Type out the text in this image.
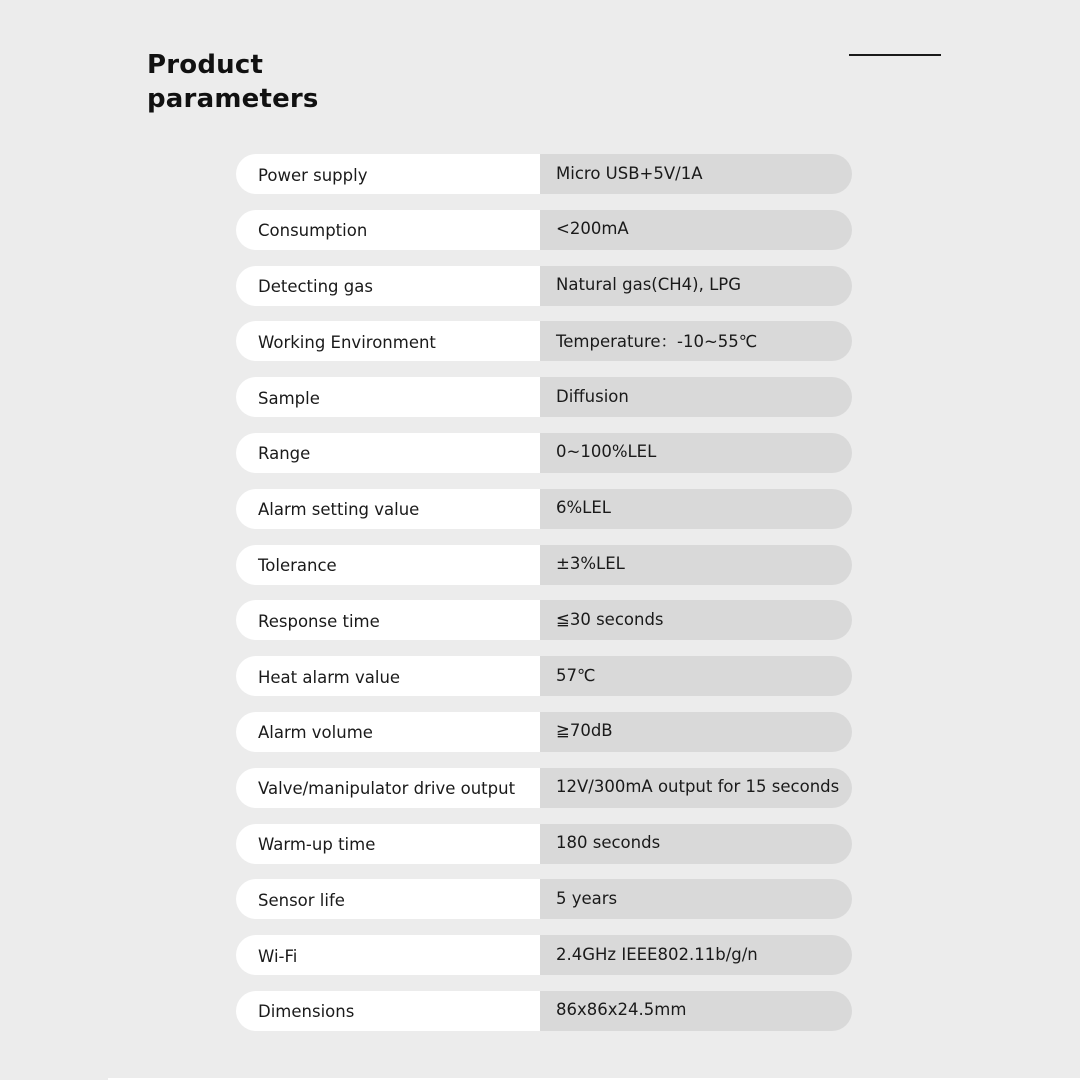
Product
parameters
Power supply	Micro USB+5V/1A
Consumption	<200mA
Detecting gas	Natural gas(CH4), LPG
Working Environment	Temperature：-10~55℃
Sample	Diffusion
Range	0~100%LEL
Alarm setting value	6%LEL
Tolerance	±3%LEL
Response time	≦30 seconds
Heat alarm value	57℃
Alarm volume	≧70dB
Valve/manipulator drive output	12V/300mA output for 15 seconds
Warm-up time	180 seconds
Sensor life	5 years
Wi-Fi	2.4GHz IEEE802.11b/g/n
Dimensions	86x86x24.5mm
